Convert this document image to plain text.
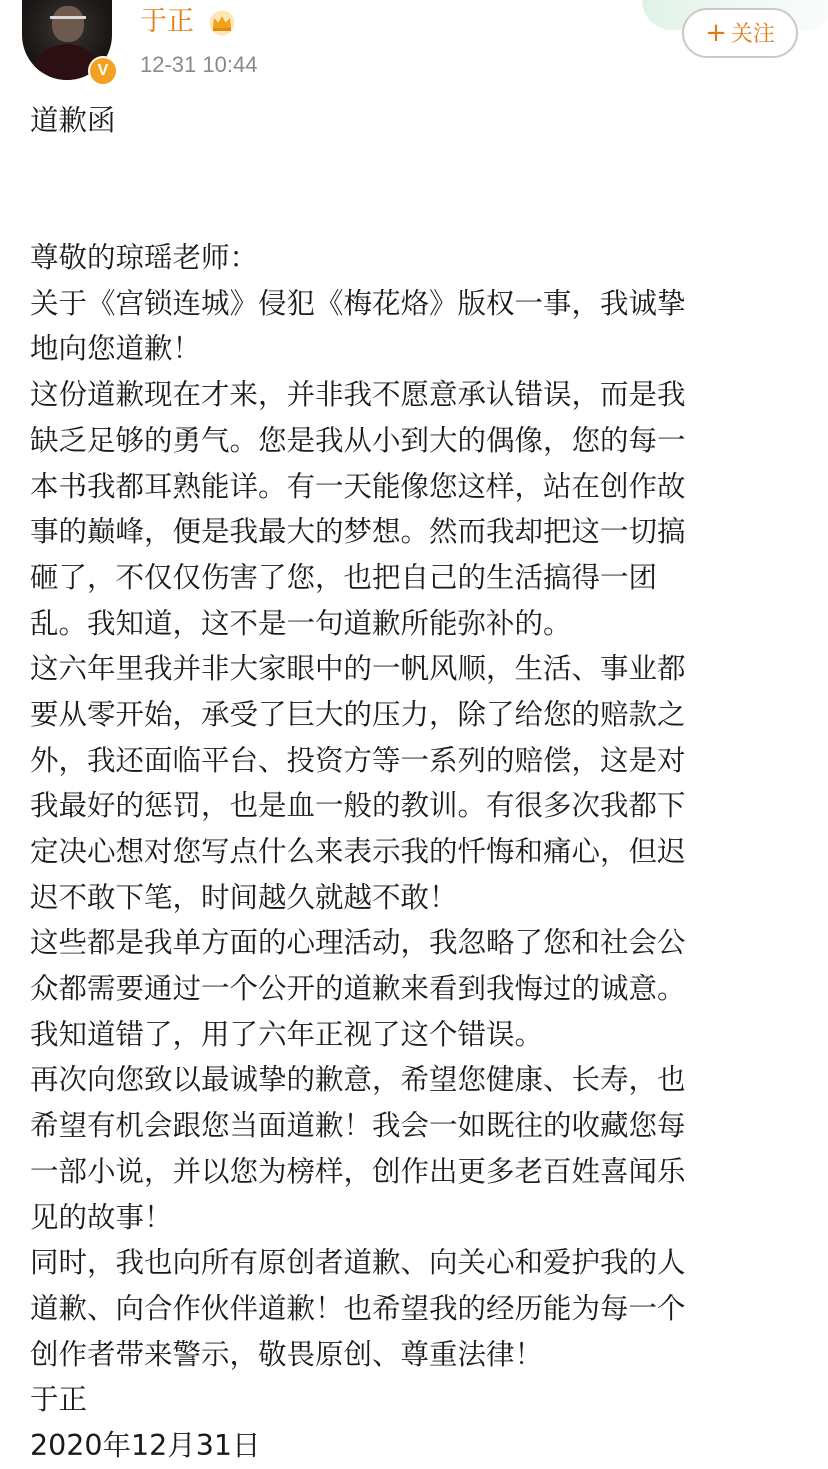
V
于正
12-31 10:44
+ 关注
道歉函
尊敬的琼瑶老师：
关于《宫锁连城》侵犯《梅花烙》版权一事，我诚挚
地向您道歉！
这份道歉现在才来，并非我不愿意承认错误，而是我
缺乏足够的勇气。您是我从小到大的偶像，您的每一
本书我都耳熟能详。有一天能像您这样，站在创作故
事的巅峰，便是我最大的梦想。然而我却把这一切搞
砸了，不仅仅伤害了您，也把自己的生活搞得一团
乱。我知道，这不是一句道歉所能弥补的。
这六年里我并非大家眼中的一帆风顺，生活、事业都
要从零开始，承受了巨大的压力，除了给您的赔款之
外，我还面临平台、投资方等一系列的赔偿，这是对
我最好的惩罚，也是血一般的教训。有很多次我都下
定决心想对您写点什么来表示我的忏悔和痛心，但迟
迟不敢下笔，时间越久就越不敢！
这些都是我单方面的心理活动，我忽略了您和社会公
众都需要通过一个公开的道歉来看到我悔过的诚意。
我知道错了，用了六年正视了这个错误。
再次向您致以最诚挚的歉意，希望您健康、长寿，也
希望有机会跟您当面道歉！我会一如既往的收藏您每
一部小说，并以您为榜样，创作出更多老百姓喜闻乐
见的故事！
同时，我也向所有原创者道歉、向关心和爱护我的人
道歉、向合作伙伴道歉！也希望我的经历能为每一个
创作者带来警示，敬畏原创、尊重法律！
于正
2020年12月31日
